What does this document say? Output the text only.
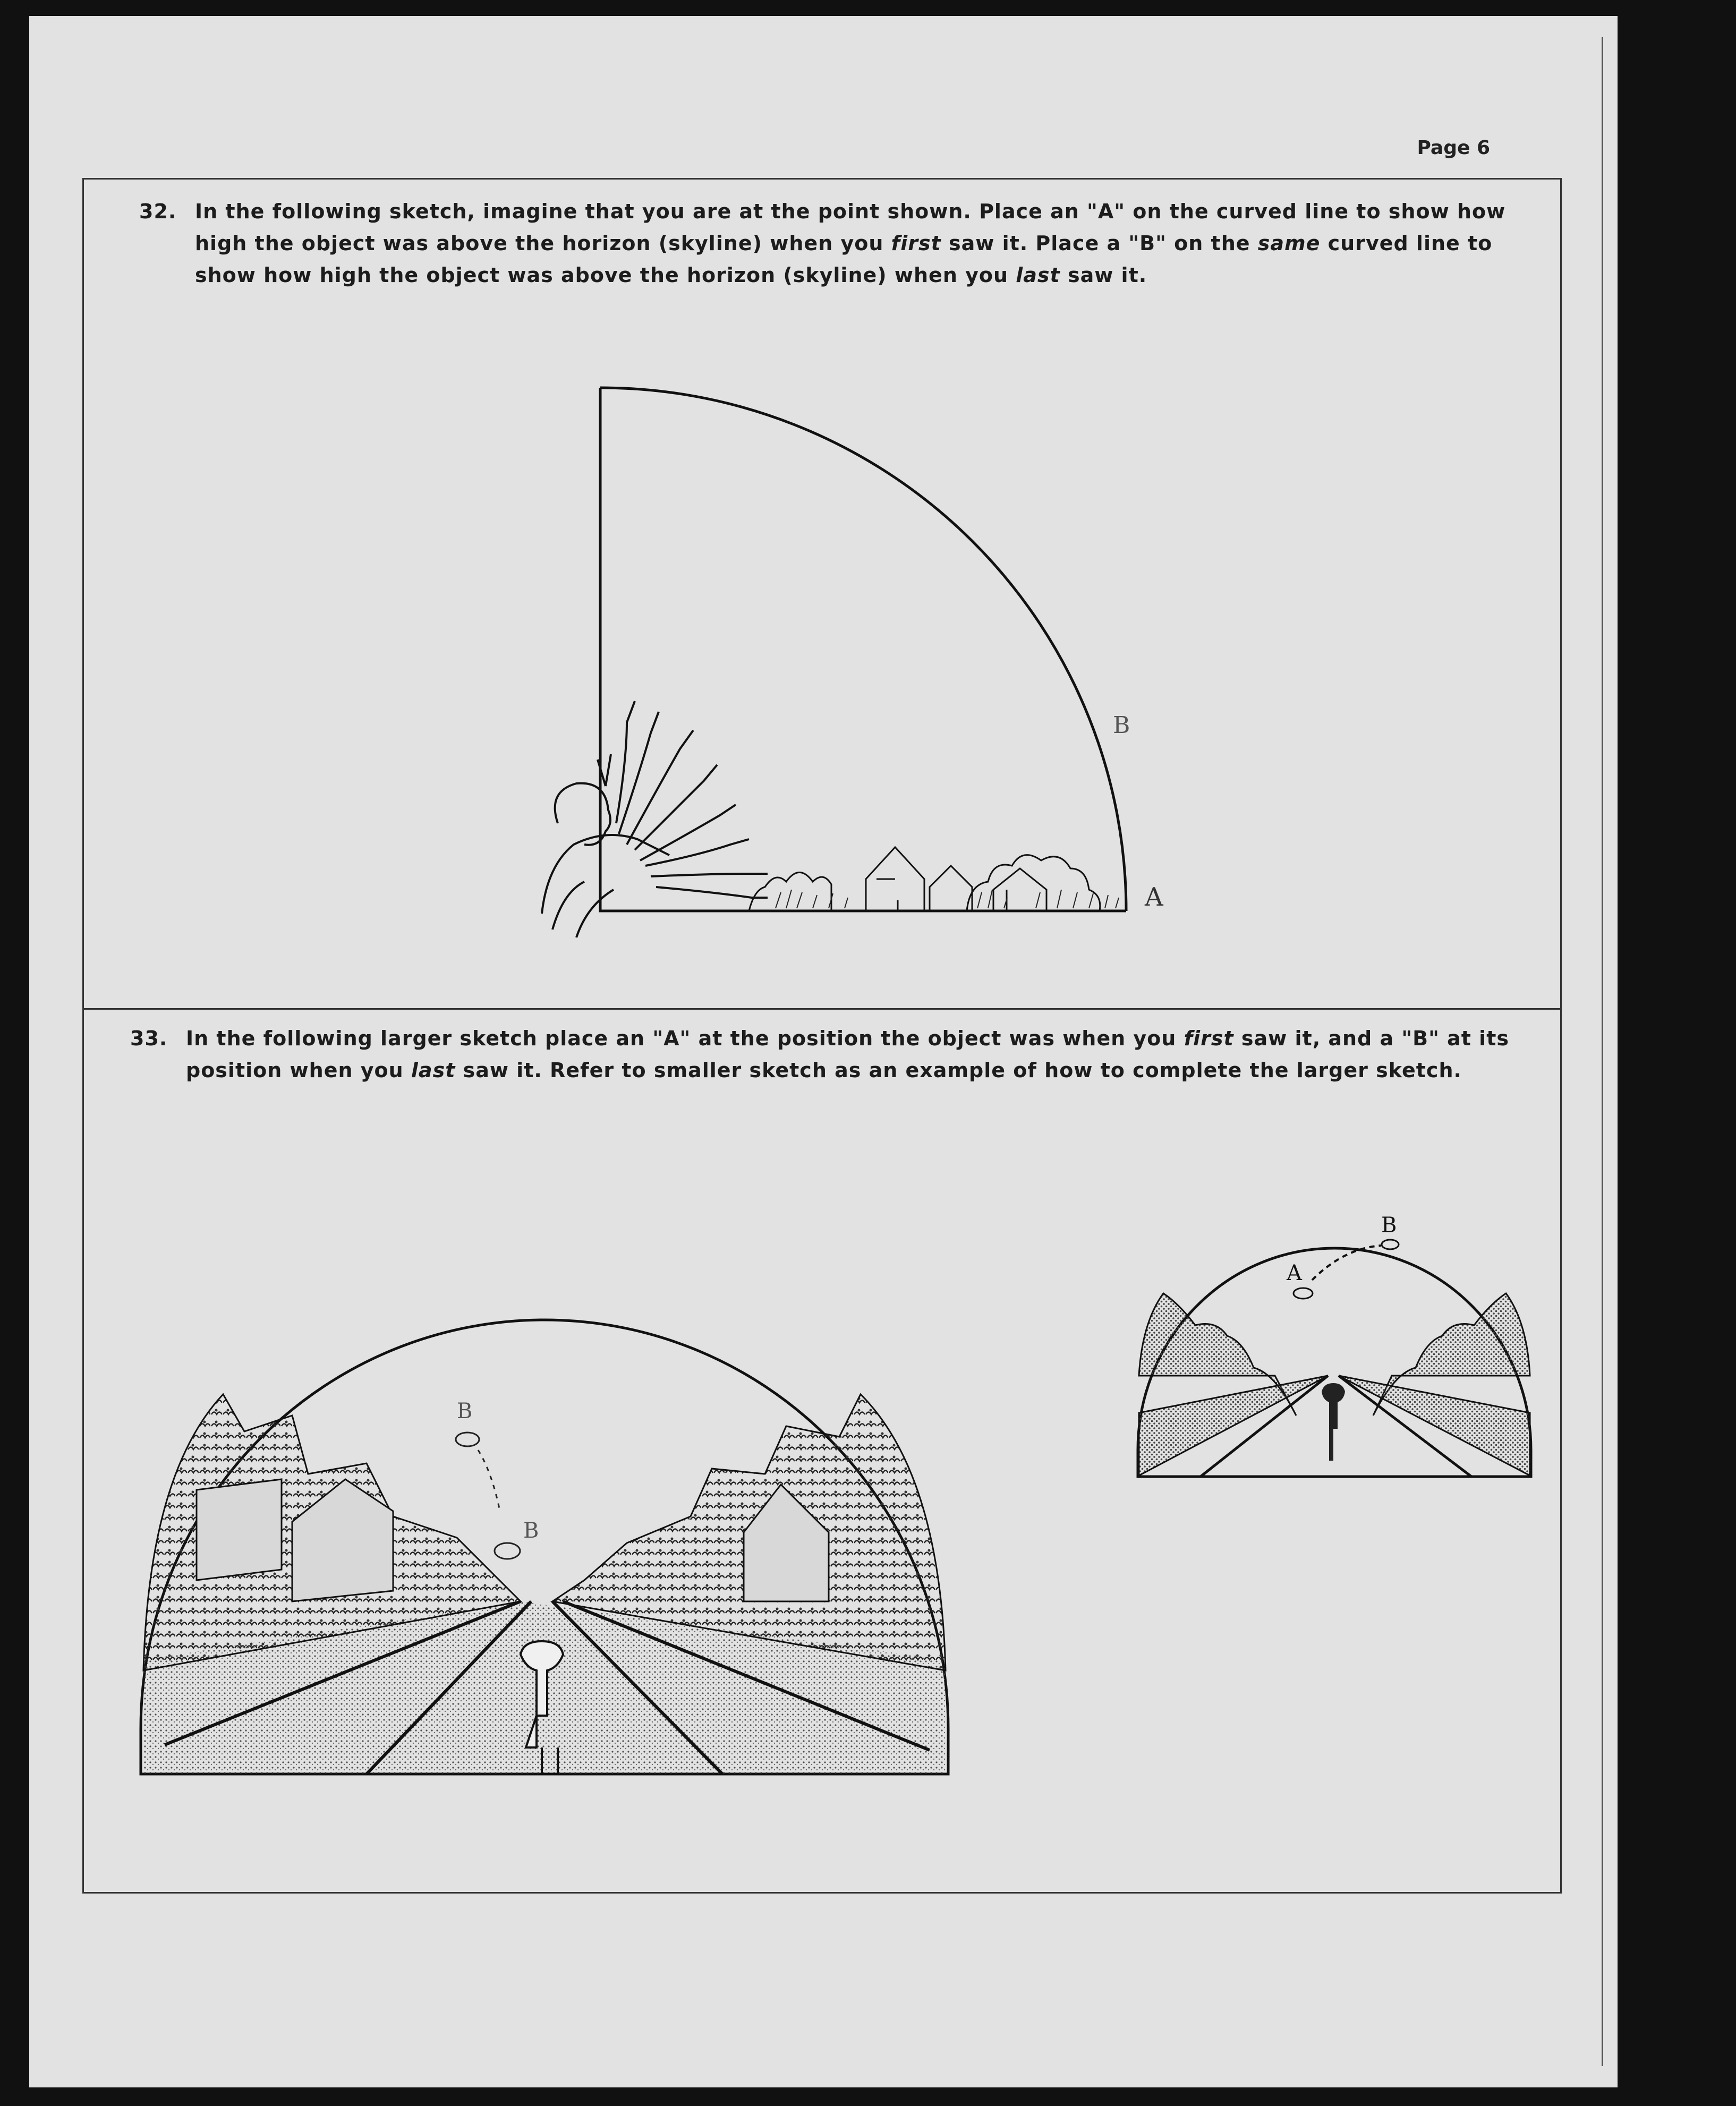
Page 6
32. In the following sketch, imagine that you are at the point shown. Place an "A" on the curved line to show how high the object was above the horizon (skyline) when you first saw it. Place a "B" on the same curved line to show how high the object was above the horizon (skyline) when you last saw it.
B
A
33. In the following larger sketch place an "A" at the position the object was when you first saw it, and a "B" at its position when you last saw it. Refer to smaller sketch as an example of how to complete the larger sketch.
B
B
A
B
